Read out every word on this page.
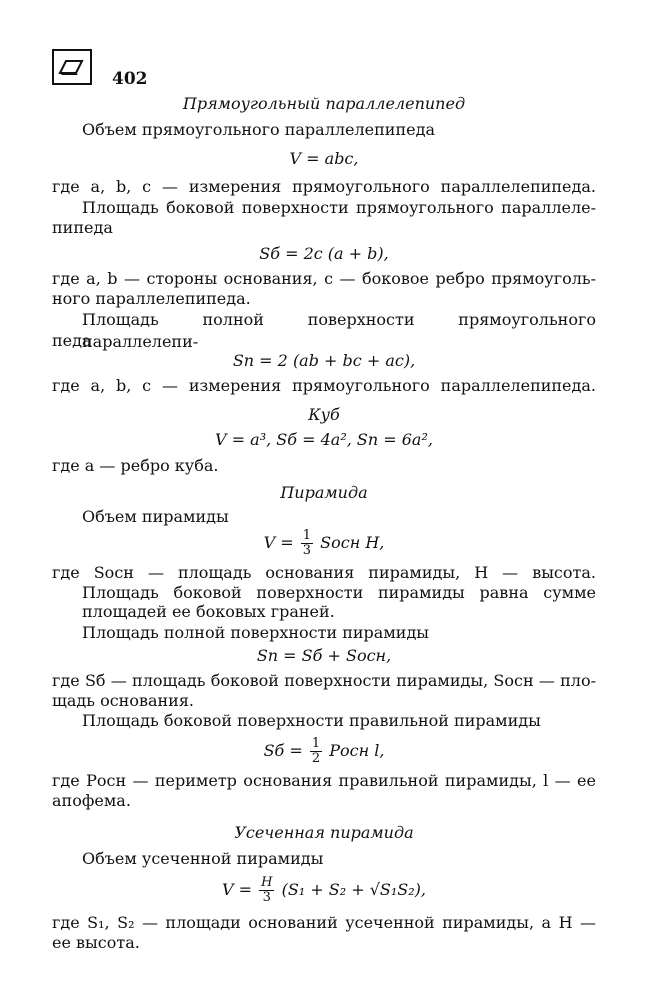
402
Прямоугольный параллелепипед
Объем прямоугольного параллелепипеда
V = abc,
где a, b, c — измерения прямоугольного параллелепипеда.
Площадь боковой поверхности прямоугольного параллеле-
пипеда
Sб = 2c (a + b),
где a, b — стороны основания, c — боковое ребро прямоуголь-
ного параллелепипеда.
Площадь полной поверхности прямоугольного параллелепи-
педа
Sп = 2 (ab + bc + ac),
где a, b, c — измерения прямоугольного параллелепипеда.
Куб
V = a³, Sб = 4a², Sп = 6a²,
где a — ребро куба.
Пирамида
Объем пирамиды
$V = \frac{1}{3}$ Sосн H,
где Sосн — площадь основания пирамиды, H — высота.
Площадь боковой поверхности пирамиды равна сумме
площадей ее боковых граней.
Площадь полной поверхности пирамиды
Sп = Sб + Sосн,
где Sб — площадь боковой поверхности пирамиды, Sосн — пло-
щадь основания.
Площадь боковой поверхности правильной пирамиды
Sб = $\frac{1}{2}$ Pосн l,
где Pосн — периметр основания правильной пирамиды, l — ее
апофема.
Усеченная пирамида
Объем усеченной пирамиды
$V = \frac{H}{3} (S_1 + S_2 + √S_1S_2)$,
где S₁, S₂ — площади оснований усеченной пирамиды, а H —
ее высота.
